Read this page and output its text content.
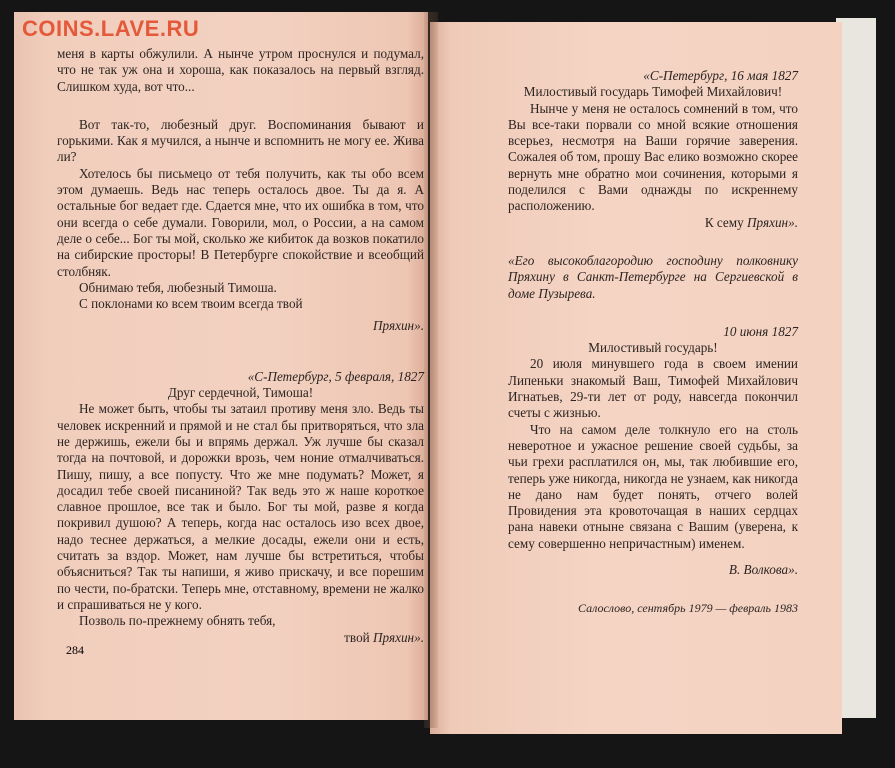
COINS.LAVE.RU

меня в карты обжулили. А нынче утром проснулся и подумал, что не так уж она и хороша, как показалось на первый взгляд. Слишком худа, вот что...

Вот так-то, любезный друг. Воспоминания бывают и горькими. Как я мучился, а нынче и вспомнить не могу ее. Жива ли?

Хотелось бы письмецо от тебя получить, как ты обо всем этом думаешь. Ведь нас теперь осталось двое. Ты да я. А остальные бог ведает где. Сдается мне, что их ошибка в том, что они всегда о себе думали. Говорили, мол, о России, а на самом деле о себе... Бог ты мой, сколько же кибиток да возков покатило на сибирские просторы! В Петербурге спокойствие и всеобщий столбняк.

Обнимаю тебя, любезный Тимоша.

С поклонами ко всем твоим всегда твой

Пряхин».

«С-Петербург, 5 февраля, 1827

Друг сердечной, Тимоша!

Не может быть, чтобы ты затаил противу меня зло. Ведь ты человек искренний и прямой и не стал бы притворяться, что зла не держишь, ежели бы и впрямь держал. Уж лучше бы сказал тогда на почтовой, и дорожки врозь, чем ноние отмалчиваться. Пишу, пишу, а все попусту. Что же мне подумать? Может, я досадил тебе своей писаниной? Так ведь это ж наше короткое славное прошлое, все так и было. Бог ты мой, разве я когда покривил душою? А теперь, когда нас осталось изо всех двое, надо теснее держаться, а мелкие досады, ежели они и есть, считать за вздор. Может, нам лучше бы встретиться, чтобы объясниться? Так ты напиши, я живо прискачу, и все порешим по чести, по-братски. Теперь мне, отставному, времени не жалко и спрашиваться не у кого.

Позволь по-прежнему обнять тебя,

твой Пряхин».

284

«С-Петербург, 16 мая 1827

Милостивый государь Тимофей Михайлович!

Нынче у меня не осталось сомнений в том, что Вы все-таки порвали со мной всякие отношения всерьез, несмотря на Ваши горячие заверения. Сожалея об том, прошу Вас елико возможно скорее вернуть мне обратно мои сочинения, которыми я поделился с Вами однажды по искреннему расположению.

К сему Пряхин».

«Его высокоблагородию господину полковнику Пряхину в Санкт-Петербурге на Сергиевской в доме Пузырева.

10 июня 1827

Милостивый государь!

20 июля минувшего года в своем имении Липеньки знакомый Ваш, Тимофей Михайлович Игнатьев, 29-ти лет от роду, навсегда покончил счеты с жизнью.

Что на самом деле толкнуло его на столь неверотное и ужасное решение своей судьбы, за чьи грехи расплатился он, мы, так любившие его, теперь уже никогда, никогда не узнаем, как никогда не дано нам будет понять, отчего волей Провидения эта кровоточащая в наших сердцах рана навеки отныне связана с Вашим (уверена, к сему совершенно непричастным) именем.

В. Волкова».

Салослово, сентябрь 1979 — февраль 1983
